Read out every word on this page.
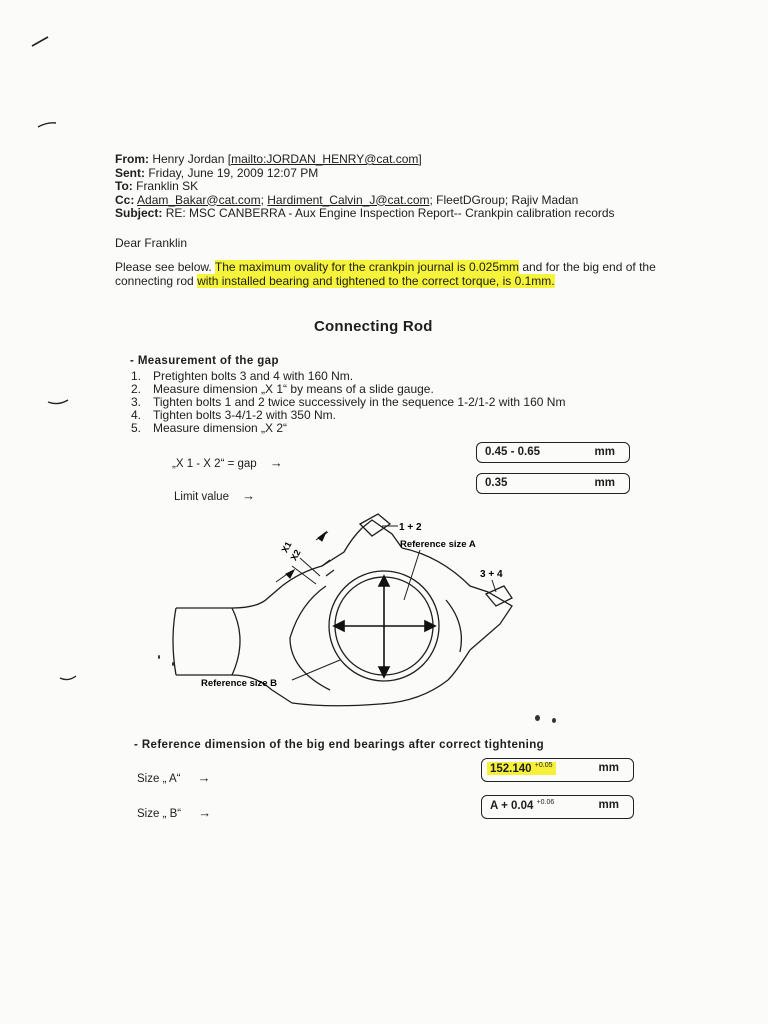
From: Henry Jordan [mailto:JORDAN_HENRY@cat.com]
Sent: Friday, June 19, 2009 12:07 PM
To: Franklin SK
Cc: Adam_Bakar@cat.com; Hardiment_Calvin_J@cat.com; FleetDGroup; Rajiv Madan
Subject: RE: MSC CANBERRA - Aux Engine Inspection Report-- Crankpin calibration records
Dear Franklin
Please see below. The maximum ovality for the crankpin journal is 0.025mm and for the big end of the
connecting rod with installed bearing and tightened to the correct torque, is 0.1mm.
Connecting Rod
- Measurement of the gap
1. Pretighten bolts 3 and 4 with 160 Nm.
2. Measure dimension „X 1“ by means of a slide gauge.
3. Tighten bolts 1 and 2 twice successively in the sequence 1-2/1-2 with 160 Nm
4. Tighten bolts 3-4/1-2 with 350 Nm.
5. Measure dimension „X 2“
„X 1 - X 2“ = gap →
0.45 - 0.65	mm
Limit value →
0.35	mm
X1
X2
1 + 2
Reference size A
3 + 4
Reference size B
- Reference dimension of the big end bearings after correct tightening
Size „ A“ →
152.140 $^{+0.05}$	mm
Size „ B“ →	A + 0.04 $^{+0.06}$	mm
